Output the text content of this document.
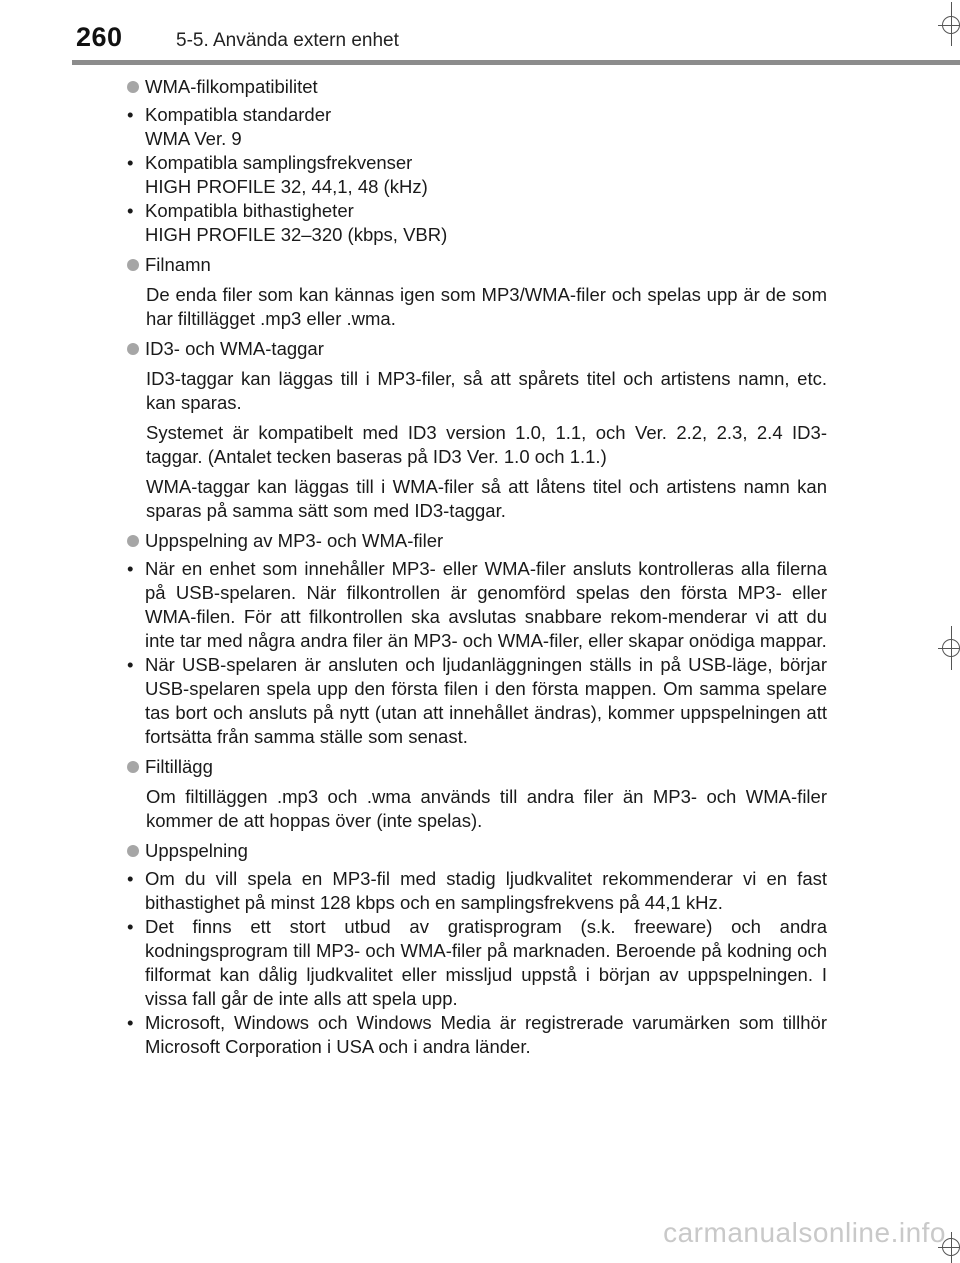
260	5-5. Använda extern enhet
WMA-filkompatibilitet
• Kompatibla standarder
WMA Ver. 9
• Kompatibla samplingsfrekvenser
HIGH PROFILE 32, 44,1, 48 (kHz)
• Kompatibla bithastigheter
HIGH PROFILE 32–320 (kbps, VBR)
Filnamn

De enda filer som kan kännas igen som MP3/WMA-filer och spelas upp är de som har filtillägget .mp3 eller .wma.

ID3- och WMA-taggar

ID3-taggar kan läggas till i MP3-filer, så att spårets titel och artistens namn, etc. kan sparas.

Systemet är kompatibelt med ID3 version 1.0, 1.1, och Ver. 2.2, 2.3, 2.4 ID3-taggar. (Antalet tecken baseras på ID3 Ver. 1.0 och 1.1.)

WMA-taggar kan läggas till i WMA-filer så att låtens titel och artistens namn kan sparas på samma sätt som med ID3-taggar.

Uppspelning av MP3- och WMA-filer
• När en enhet som innehåller MP3- eller WMA-filer ansluts kontrolleras alla filerna på USB-spelaren. När filkontrollen är genomförd spelas den första MP3- eller WMA-filen. För att filkontrollen ska avslutas snabbare rekom-menderar vi att du inte tar med några andra filer än MP3- och WMA-filer, eller skapar onödiga mappar.
• När USB-spelaren är ansluten och ljudanläggningen ställs in på USB-läge, börjar USB-spelaren spela upp den första filen i den första mappen. Om samma spelare tas bort och ansluts på nytt (utan att innehållet ändras), kommer uppspelningen att fortsätta från samma ställe som senast.
Filtillägg

Om filtilläggen .mp3 och .wma används till andra filer än MP3- och WMA-filer kommer de att hoppas över (inte spelas).

Uppspelning
• Om du vill spela en MP3-fil med stadig ljudkvalitet rekommenderar vi en fast bithastighet på minst 128 kbps och en samplingsfrekvens på 44,1 kHz.
• Det finns ett stort utbud av gratisprogram (s.k. freeware) och andra kodningsprogram till MP3- och WMA-filer på marknaden. Beroende på kodning och filformat kan dålig ljudkvalitet eller missljud uppstå i början av uppspelningen. I vissa fall går de inte alls att spela upp.
• Microsoft, Windows och Windows Media är registrerade varumärken som tillhör Microsoft Corporation i USA och i andra länder.
carmanualsonline.info
